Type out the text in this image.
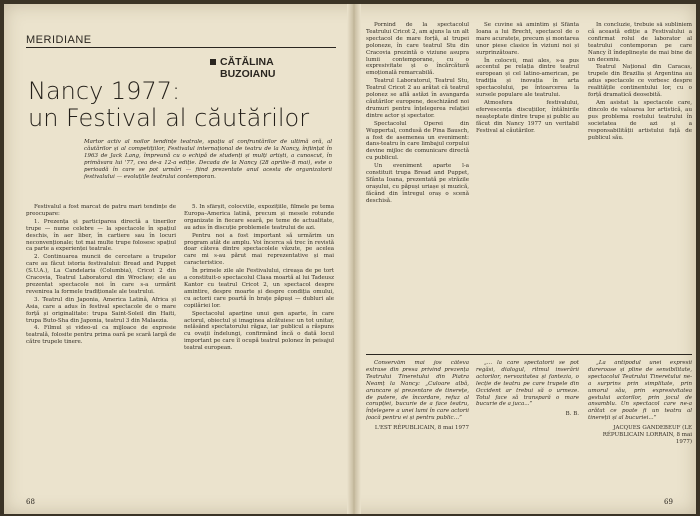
MERIDIANE
CĂTĂLINA
BUZOIANU
Nancy 1977:
un Festival al căutărilor
Martor activ al noilor tendințe teatrale, spațiu al confruntărilor de ultimă oră, al căutărilor și al competițiilor, Festivalul internațional de teatru de la Nancy, înființat în 1963 de Jack Lang, împreună cu o echipă de studenți și mulți artiști, a cunoscut, în primăvara lui '77, cea de-a 12-a ediție. Decada de la Nancy (28 aprilie–8 mai), este o perioadă în care se pot urmări — fiind prezentate anul acesta de organizatorii festivalului — evoluțiile teatrului contemporan.

Festivalul a fost marcat de patru mari tendințe de preocupare:

1. Prezența și participarea directă a tinerilor trupe — nume celebre — la spectacole în spațiul deschis, în aer liber, în cartiere sau în locuri neconvenționale; tot mai multe trupe folosesc spațiul ca parte a experienței teatrale.

2. Continuarea muncii de cercetare a trupelor care au făcut istoria festivalului: Bread and Puppet (S.U.A.), La Candelaria (Columbia), Cricot 2 din Cracovia, Teatrul Laboratorul din Wroclaw; ele au prezentat spectacole noi în care s-a urmărit revenirea la formele tradiționale ale teatrului.

3. Teatrul din Japonia, America Latină, Africa și Asia, care a adus în festival spectacole de o mare forță și originalitate: trupa Saint-Soleil din Haiti, trupa Buto-Sha din Japonia, teatrul 3 din Malaezia.

4. Filmul și video-ul ca mijloace de expresie teatrală, folosite pentru prima oară pe scară largă de către trupele tinere.

5. În sfârșit, colocviile, expozițiile, filmele pe tema Europa–America latină, precum și mesele rotunde organizate în fiecare seară, pe teme de actualitate, au adus în discuție problemele teatrului de azi.

Pentru noi a fost important să urmărim un program atât de amplu. Voi încerca să trec în revistă doar câteva dintre spectacolele văzute, pe acelea care mi s-au părut mai reprezentative și mai caracteristice.

În primele zile ale Festivalului, cireașa de pe tort a constituit-o spectacolul Clasa moartă al lui Tadeusz Kantor cu teatrul Cricot 2, un spectacol despre amintire, despre moarte și despre condiția omului, cu actorii care poartă în brațe păpuși — dubluri ale copilăriei lor.

Spectacolul aparține unui gen aparte, în care actorul, obiectul și imaginea alcătuiesc un tot unitar, nelăsând spectatorului răgaz, iar publicul a răspuns cu ovații îndelungi, confirmând încă o dată locul important pe care îl ocupă teatrul polonez în peisajul teatral european.

68

Pornind de la spectacolul Teatrului Cricot 2, am ajuns la un alt spectacol de mare forță, al trupei poloneze, în care teatrul Stu din Cracovia prezintă o viziune asupra lumii contemporane, cu o expresivitate și o încărcătură emoțională remarcabilă.

Teatrul Laboratorul, Teatrul Stu, Teatrul Cricot 2 au arătat că teatrul polonez se află astăzi în avangarda căutărilor europene, deschizând noi drumuri pentru înțelegerea relației dintre actor și spectator.

Spectacolul Operei din Wuppertal, condusă de Pina Bausch, a fost de asemenea un eveniment: dans-teatru în care limbajul corpului devine mijloc de comunicare directă cu publicul.

Un eveniment aparte l-a constituit trupa Bread and Puppet, Sfânta Ioana, prezentată pe străzile orașului, cu păpuși uriașe și muzică, făcând din întregul oraș o scenă deschisă.

Se cuvine să amintim și Sfânta Ioana a lui Brecht, spectacol de o mare acuratețe, precum și montarea unor piese clasice în viziuni noi și surprinzătoare.

În colocvii, mai ales, s-a pus accentul pe relația dintre teatrul european și cel latino-american, pe tradiția și inovația în arta spectacolului, pe întoarcerea la sursele populare ale teatrului.

Atmosfera festivalului, efervescența discuțiilor, întâlnirile neașteptate dintre trupe și public au făcut din Nancy 1977 un veritabil Festival al căutărilor.

În concluzie, trebuie să subliniem că această ediție a Festivalului a confirmat rolul de laborator al teatrului contemporan pe care Nancy îl îndeplinește de mai bine de un deceniu.

Teatrul Național din Caracas, trupele din Brazilia și Argentina au adus spectacole ce vorbesc despre realitățile continentului lor, cu o forță dramatică deosebită.

Am asistat la spectacole care, dincolo de valoarea lor artistică, au pus problema rostului teatrului în societatea de azi și a responsabilității artistului față de publicul său.

Conservăm mai jos câteva extrase din presa privind prezența Teatrului Tineretului din Piatra Neamț la Nancy: „Culoare albă, aruncare și prezentare de tinerețe, de putere, de încordare, refuz al corupției, bucurie de a face teatru, înțelegere a unei lumi în care actorii joacă pentru ei și pentru public…”

L'EST RÉPUBLICAIN, 8 mai 1977

„... la care spectatorii se pot regăsi, dialogul, ritmul inserării actorilor, nervozitatea și fantezia, o lecție de teatru pe care trupele din Occident ar trebui să o urmeze. Totul face să transpară o mare bucurie de a juca...”

B. B.

„La antipodul unei expresii dureroase și pline de sensibilitate, spectacolul Teatrului Tineretului ne-a surprins prin simplitate, prin umorul său, prin expresivitatea gestului actorilor, prin jocul de ansamblu. Un spectacol care ne-a arătat ce poate fi un teatru al tinereții și al bucuriei...”

JACQUES GANDEBEUF (LE RÉPUBLICAIN LORRAIN, 8 mai 1977)
69
